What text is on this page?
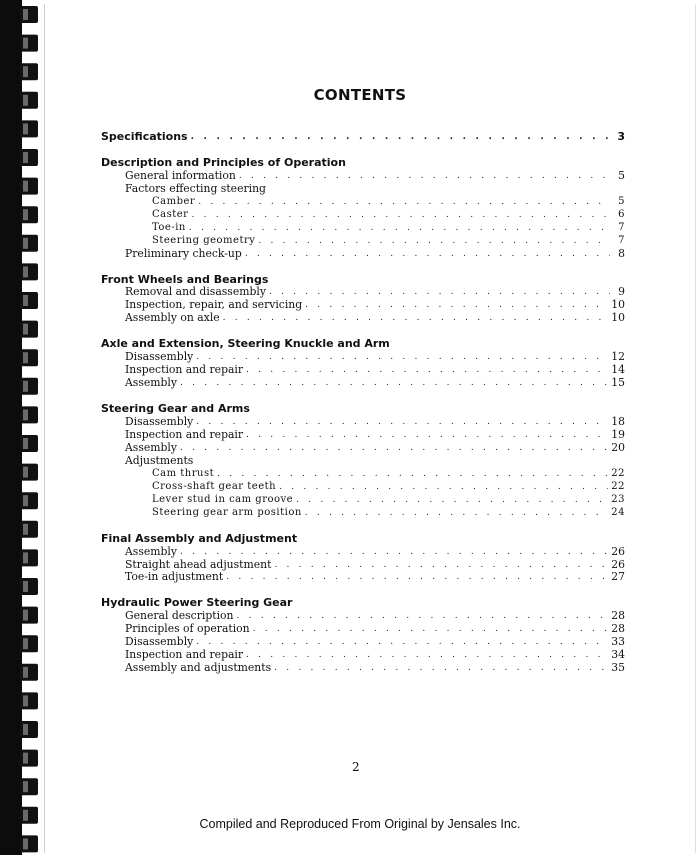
CONTENTS
Specifications . . .	3
Description and Principles of Operation
General information . . .	5
Factors effecting steering
Camber . . .	5
Caster . . .	6
Toe-in . . .	7
Steering geometry . . .	7
Preliminary check-up . . .	8
Front Wheels and Bearings
Removal and disassembly . . .	9
Inspection, repair, and servicing . . .	10
Assembly on axle . . .	10
Axle and Extension, Steering Knuckle and Arm
Disassembly . . .	12
Inspection and repair . . .	14
Assembly . . .	15
Steering Gear and Arms
Disassembly . . .	18
Inspection and repair . . .	19
Assembly . . .	20
Adjustments
Cam thrust . . .	22
Cross-shaft gear teeth . . .	22
Lever stud in cam groove . . .	23
Steering gear arm position . . .	24
Final Assembly and Adjustment
Assembly . . .	26
Straight ahead adjustment . . .	26
Toe-in adjustment . . .	27
Hydraulic Power Steering Gear
General description . . .	28
Principles of operation . . .	28
Disassembly . . .	33
Inspection and repair . . .	34
Assembly and adjustments . . .	35
2
Compiled and Reproduced From Original by Jensales Inc.
